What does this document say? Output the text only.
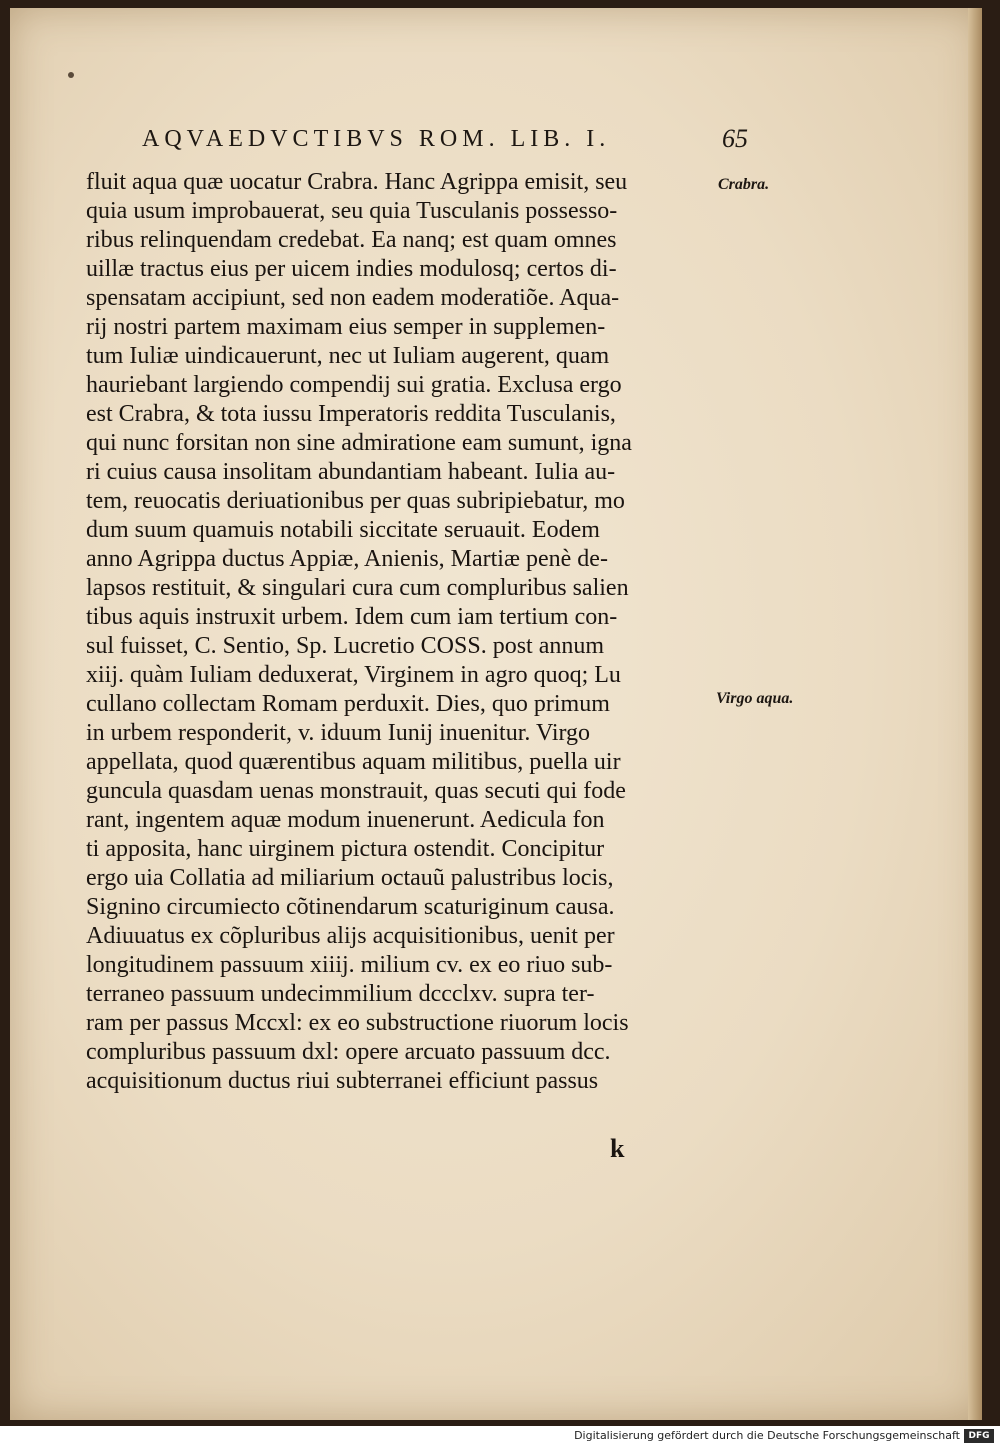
AQVAEDVCTIBVS ROM. LIB. I.	65
Crabra.
Virgo aqua.
fluit aqua quæ uocatur Crabra. Hanc Agrippa emisit, seu
quia usum improbauerat, seu quia Tusculanis possesso-
ribus relinquendam credebat. Ea nanq; est quam omnes
uillæ tractus eius per uicem indies modulosq; certos di-
spensatam accipiunt, sed non eadem moderatiõe. Aqua-
rij nostri partem maximam eius semper in supplemen-
tum Iuliæ uindicauerunt, nec ut Iuliam augerent, quam
hauriebant largiendo compendij sui gratia. Exclusa ergo
est Crabra, & tota iussu Imperatoris reddita Tusculanis,
qui nunc forsitan non sine admiratione eam sumunt, igna
ri cuius causa insolitam abundantiam habeant. Iulia au-
tem, reuocatis deriuationibus per quas subripiebatur, mo
dum suum quamuis notabili siccitate seruauit. Eodem
anno Agrippa ductus Appiæ, Anienis, Martiæ penè de-
lapsos restituit, & singulari cura cum compluribus salien
tibus aquis instruxit urbem. Idem cum iam tertium con-
sul fuisset, C. Sentio, Sp. Lucretio COSS. post annum
xiij. quàm Iuliam deduxerat, Virginem in agro quoq; Lu
cullano collectam Romam perduxit. Dies, quo primum
in urbem responderit, v. iduum Iunij inuenitur. Virgo
appellata, quod quærentibus aquam militibus, puella uir
guncula quasdam uenas monstrauit, quas secuti qui fode
rant, ingentem aquæ modum inuenerunt. Aedicula fon
ti apposita, hanc uirginem pictura ostendit. Concipitur
ergo uia Collatia ad miliarium octauũ palustribus locis,
Signino circumiecto cõtinendarum scaturiginum causa.
Adiuuatus ex cõpluribus alijs acquisitionibus, uenit per
longitudinem passuum xiiij. milium cv. ex eo riuo sub-
terraneo passuum undecimmilium dccclxv. supra ter-
ram per passus Mccxl: ex eo substructione riuorum locis
compluribus passuum dxl: opere arcuato passuum dcc.
acquisitionum ductus riui subterranei efficiunt passus
k
Digitalisierung gefördert durch die Deutsche Forschungsgemeinschaft DFG
